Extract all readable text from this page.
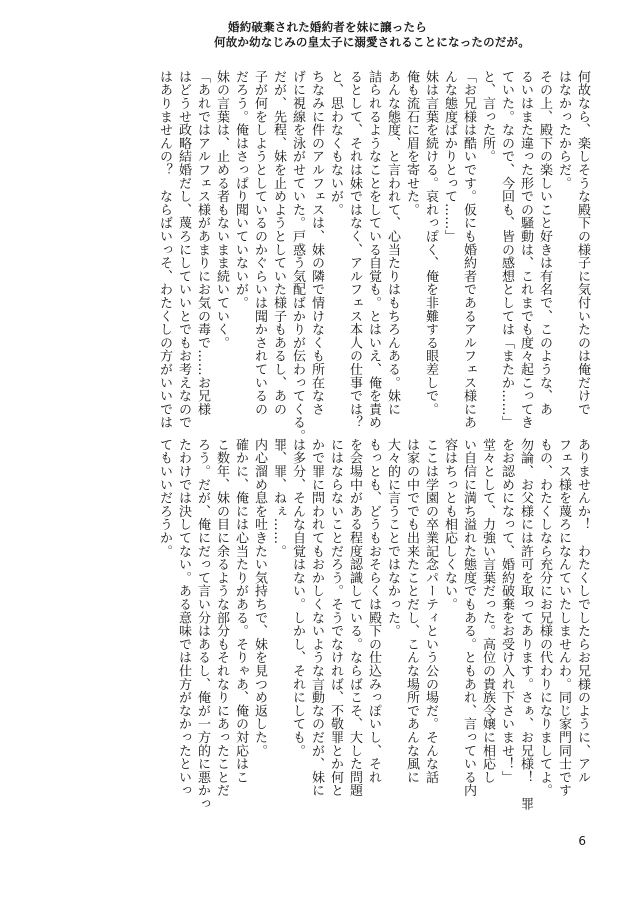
婚約破棄された婚約者を妹に譲ったら
何故か幼なじみの皇太子に溺愛されることになったのだが。

何故なら、楽しそうな殿下の様子に気付いたのは俺だけで

はなかったからだ。

その上、殿下の楽しいこと好きは有名で、このような、あ

るいはまた違った形での騒動は、これまでも度々起こってき

ていた。なので、今回も、皆の感想としては「またか……」

と、言った所。

「お兄様は酷いです。仮にも婚約者であるアルフェス様にあ

んな態度ばかりとって……」

妹は言葉を続ける。哀れっぽく、俺を非難する眼差しで。

俺も流石に眉を寄せた。

あんな態度、と言われて、心当たりはもちろんある。妹に

詰られるようなことをしている自覚も。とはいえ、俺を責め

るとして、それは妹ではなく、アルフェス本人の仕事では？

と、思わなくもないが。

ちなみに件のアルフェスは、妹の隣で情けなくも所在なさ

げに視線を泳がせていた。戸惑う気配ばかりが伝わってくる。

だが、先程、妹を止めようとしていた様子もあるし、あの

子が何をしようとしているのかぐらいは聞かされているの

だろう。俺はさっぱり聞いていないが。

妹の言葉は、止める者もないまま続いていく。

「あれではアルフェス様があまりにお気の毒で……お兄様

はどうせ政略結婚だし、蔑ろにしていいとでもお考えなので

はありませんの？　ならばいっそ、わたくしの方がいいでは

ありませんか！　わたくしでしたらお兄様のように、アル

フェス様を蔑ろになんていたしませんわ。同じ家門同士です

もの、わたくしなら充分にお兄様の代わりになりましてよ。

勿論、お父様には許可を取ってあります。さぁ、お兄様！　罪

をお認めになって、婚約破棄をお受け入れ下さいませ！」

堂々として、力強い言葉だった。高位の貴族令嬢に相応し

い自信に満ち溢れた態度でもある。ともあれ、言っている内

容はちっとも相応しくない。

ここは学園の卒業記念パーティという公の場だ。そんな話

は家の中ででも出来たことだし、こんな場所であんな風に

大々的に言うことではなかった。

もっとも、どうもおそらくは殿下の仕込みっぽいし、それ

を会場中がある程度認識している。ならばこそ、大した問題

にはならないことだろう。そうでなければ、不敬罪とか何と

かで罪に問われてもおかしくないような言動なのだが、妹に

は多分、そんな自覚はない。しかし、それにしても。

罪、罪、ねぇ……。

内心溜め息を吐きたい気持ちで、妹を見つめ返した。

確かに、俺には心当たりがある。そりゃあ、俺の対応はこ

こ数年、妹の目に余るような部分もそれなりにあったことだ

ろう。だが、俺にだって言い分はあるし、俺が一方的に悪かっ

たわけでは決してない。ある意味では仕方がなかったといっ

てもいいだろうか。

6
